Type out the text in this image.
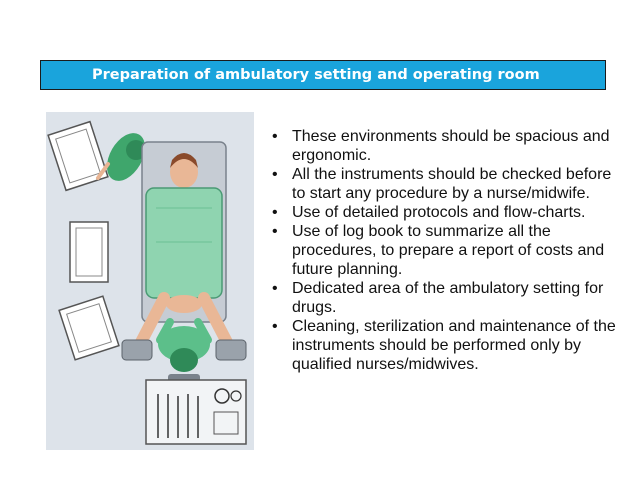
Preparation of ambulatory setting and operating room
• These environments should be spacious and ergonomic.
• All the instruments should be checked before to start any procedure by a nurse/midwife.
• Use of detailed protocols and flow-charts.
• Use of log book to summarize all the procedures, to prepare a report of costs and future planning.
• Dedicated area of the ambulatory setting for drugs.
• Cleaning, sterilization and maintenance of the instruments should be performed only by qualified nurses/midwives.
